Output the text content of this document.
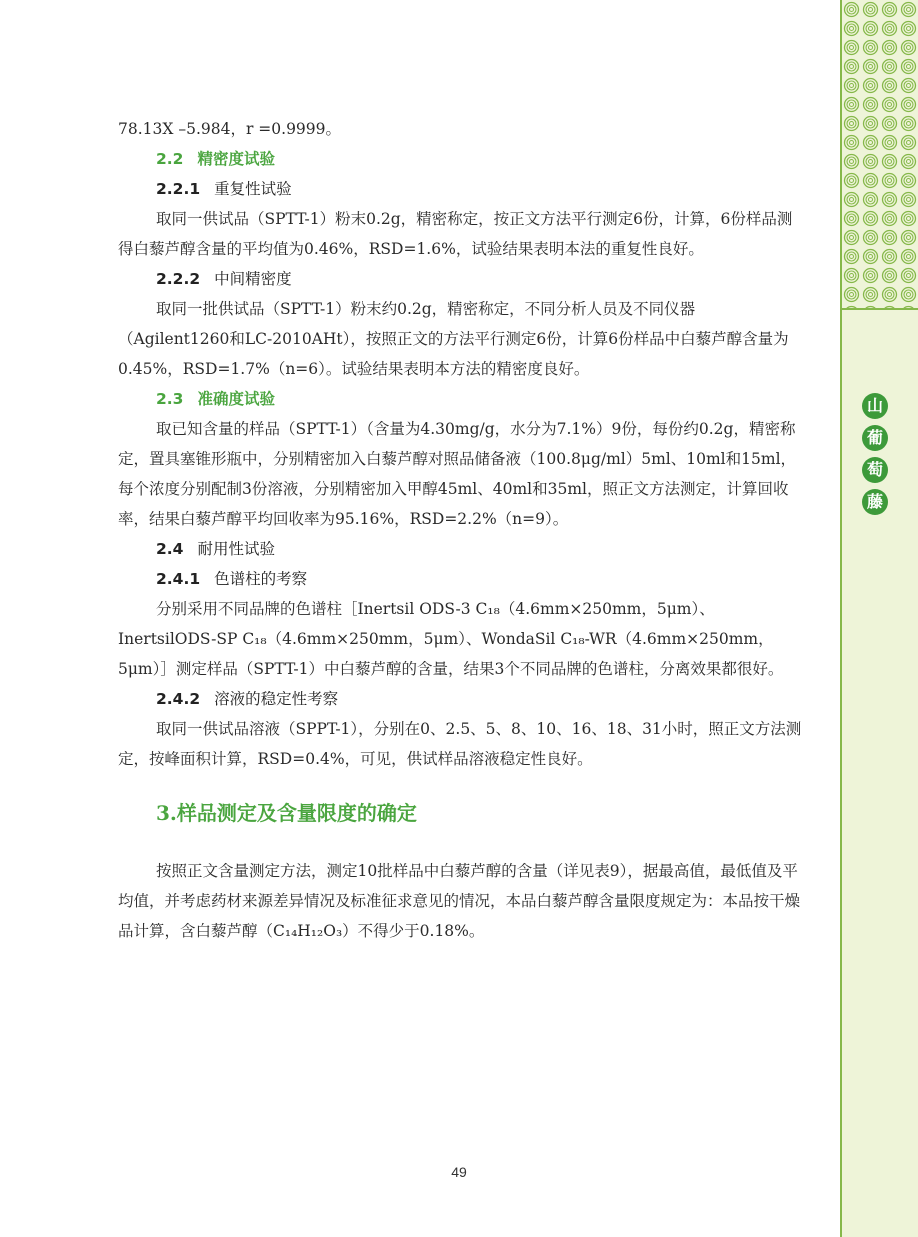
山
葡
萄
藤

78.13X –5.984，r =0.9999。

2.2 精密度试验

2.2.1 重复性试验

取同一供试品（SPTT-1）粉末0.2g，精密称定，按正文方法平行测定6份，计算，6份样品测得白藜芦醇含量的平均值为0.46%，RSD=1.6%，试验结果表明本法的重复性良好。

2.2.2 中间精密度

取同一批供试品（SPTT-1）粉末约0.2g，精密称定，不同分析人员及不同仪器（Agilent1260和LC-2010AHt），按照正文的方法平行测定6份，计算6份样品中白藜芦醇含量为0.45%，RSD=1.7%（n=6）。试验结果表明本方法的精密度良好。

2.3 准确度试验

取已知含量的样品（SPTT-1）（含量为4.30mg/g，水分为7.1%）9份，每份约0.2g，精密称定，置具塞锥形瓶中，分别精密加入白藜芦醇对照品储备液（100.8μg/ml）5ml、10ml和15ml，每个浓度分别配制3份溶液，分别精密加入甲醇45ml、40ml和35ml，照正文方法测定，计算回收率，结果白藜芦醇平均回收率为95.16%，RSD=2.2%（n=9）。

2.4 耐用性试验

2.4.1 色谱柱的考察

分别采用不同品牌的色谱柱［Inertsil ODS-3 C₁₈（4.6mm×250mm，5μm）、InertsilODS-SP C₁₈（4.6mm×250mm，5μm）、WondaSil C₁₈-WR（4.6mm×250mm，5μm）］测定样品（SPTT-1）中白藜芦醇的含量，结果3个不同品牌的色谱柱，分离效果都很好。

2.4.2 溶液的稳定性考察

取同一供试品溶液（SPPT-1），分别在0、2.5、5、8、10、16、18、31小时，照正文方法测定，按峰面积计算，RSD=0.4%，可见，供试样品溶液稳定性良好。

3.样品测定及含量限度的确定

按照正文含量测定方法，测定10批样品中白藜芦醇的含量（详见表9），据最高值，最低值及平均值，并考虑药材来源差异情况及标准征求意见的情况，本品白藜芦醇含量限度规定为：本品按干燥品计算，含白藜芦醇（C₁₄H₁₂O₃）不得少于0.18%。

49
